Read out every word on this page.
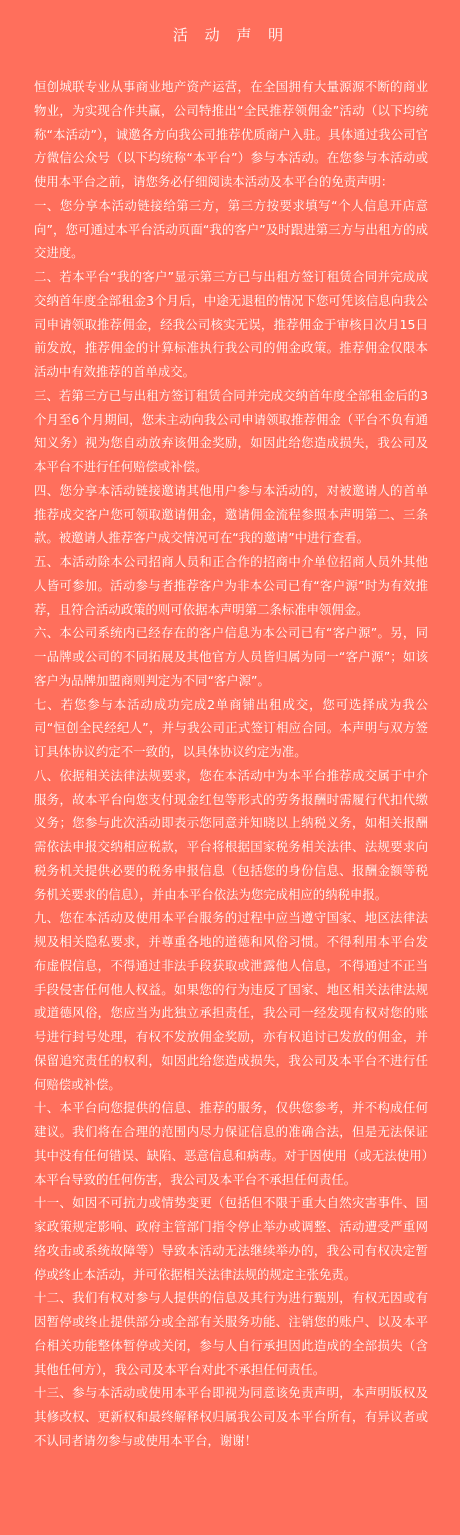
活 动 声 明

恒创城联专业从事商业地产资产运营，在全国拥有大量源源不断的商业物业，为实现合作共赢，公司特推出“全民推荐领佣金”活动（以下均统称“本活动”），诚邀各方向我公司推荐优质商户入驻。具体通过我公司官方微信公众号（以下均统称“本平台”）参与本活动。在您参与本活动或使用本平台之前，请您务必仔细阅读本活动及本平台的免责声明：

一、您分享本活动链接给第三方，第三方按要求填写“个人信息开店意向”，您可通过本平台活动页面“我的客户”及时跟进第三方与出租方的成交进度。

二、若本平台“我的客户”显示第三方已与出租方签订租赁合同并完成成交纳首年度全部租金3个月后，中途无退租的情况下您可凭该信息向我公司申请领取推荐佣金，经我公司核实无误，推荐佣金于审核日次月15日前发放，推荐佣金的计算标准执行我公司的佣金政策。推荐佣金仅限本活动中有效推荐的首单成交。

三、若第三方已与出租方签订租赁合同并完成交纳首年度全部租金后的3个月至6个月期间，您未主动向我公司申请领取推荐佣金（平台不负有通知义务）视为您自动放弃该佣金奖励，如因此给您造成损失，我公司及本平台不进行任何赔偿或补偿。

四、您分享本活动链接邀请其他用户参与本活动的，对被邀请人的首单推荐成交客户您可领取邀请佣金，邀请佣金流程参照本声明第二、三条款。被邀请人推荐客户成交情况可在“我的邀请”中进行查看。

五、本活动除本公司招商人员和正合作的招商中介单位招商人员外其他人皆可参加。活动参与者推荐客户为非本公司已有“客户源”时为有效推荐，且符合活动政策的则可依据本声明第二条标准申领佣金。

六、本公司系统内已经存在的客户信息为本公司已有“客户源”。另，同一品牌或公司的不同拓展及其他官方人员皆归属为同一“客户源”；如该客户为品牌加盟商则判定为不同“客户源”。

七、若您参与本活动成功完成2单商铺出租成交，您可选择成为我公司“恒创全民经纪人”，并与我公司正式签订相应合同。本声明与双方签订具体协议约定不一致的，以具体协议约定为准。

八、依据相关法律法规要求，您在本活动中为本平台推荐成交属于中介服务，故本平台向您支付现金红包等形式的劳务报酬时需履行代扣代缴义务；您参与此次活动即表示您同意并知晓以上纳税义务，如相关报酬需依法申报交纳相应税款，平台将根据国家税务相关法律、法规要求向税务机关提供必要的税务申报信息（包括您的身份信息、报酬金额等税务机关要求的信息），并由本平台依法为您完成相应的纳税申报。

九、您在本活动及使用本平台服务的过程中应当遵守国家、地区法律法规及相关隐私要求，并尊重各地的道德和风俗习惯。不得利用本平台发布虚假信息，不得通过非法手段获取或泄露他人信息，不得通过不正当手段侵害任何他人权益。如果您的行为违反了国家、地区相关法律法规或道德风俗，您应当为此独立承担责任，我公司一经发现有权对您的账号进行封号处理，有权不发放佣金奖励，亦有权追讨已发放的佣金，并保留追究责任的权利，如因此给您造成损失，我公司及本平台不进行任何赔偿或补偿。

十、本平台向您提供的信息、推荐的服务，仅供您参考，并不构成任何建议。我们将在合理的范围内尽力保证信息的准确合法，但是无法保证其中没有任何错误、缺陷、恶意信息和病毒。对于因使用（或无法使用）本平台导致的任何伤害，我公司及本平台不承担任何责任。

十一、如因不可抗力或情势变更（包括但不限于重大自然灾害事件、国家政策规定影响、政府主管部门指令停止举办或调整、活动遭受严重网络攻击或系统故障等）导致本活动无法继续举办的，我公司有权决定暂停或终止本活动，并可依据相关法律法规的规定主张免责。

十二、我们有权对参与人提供的信息及其行为进行甄别，有权无因或有因暂停或终止提供部分或全部有关服务功能、注销您的账户、以及本平台相关功能整体暂停或关闭，参与人自行承担因此造成的全部损失（含其他任何方），我公司及本平台对此不承担任何责任。

十三、参与本活动或使用本平台即视为同意该免责声明，本声明版权及其修改权、更新权和最终解释权归属我公司及本平台所有，有异议者或不认同者请勿参与或使用本平台，谢谢！
